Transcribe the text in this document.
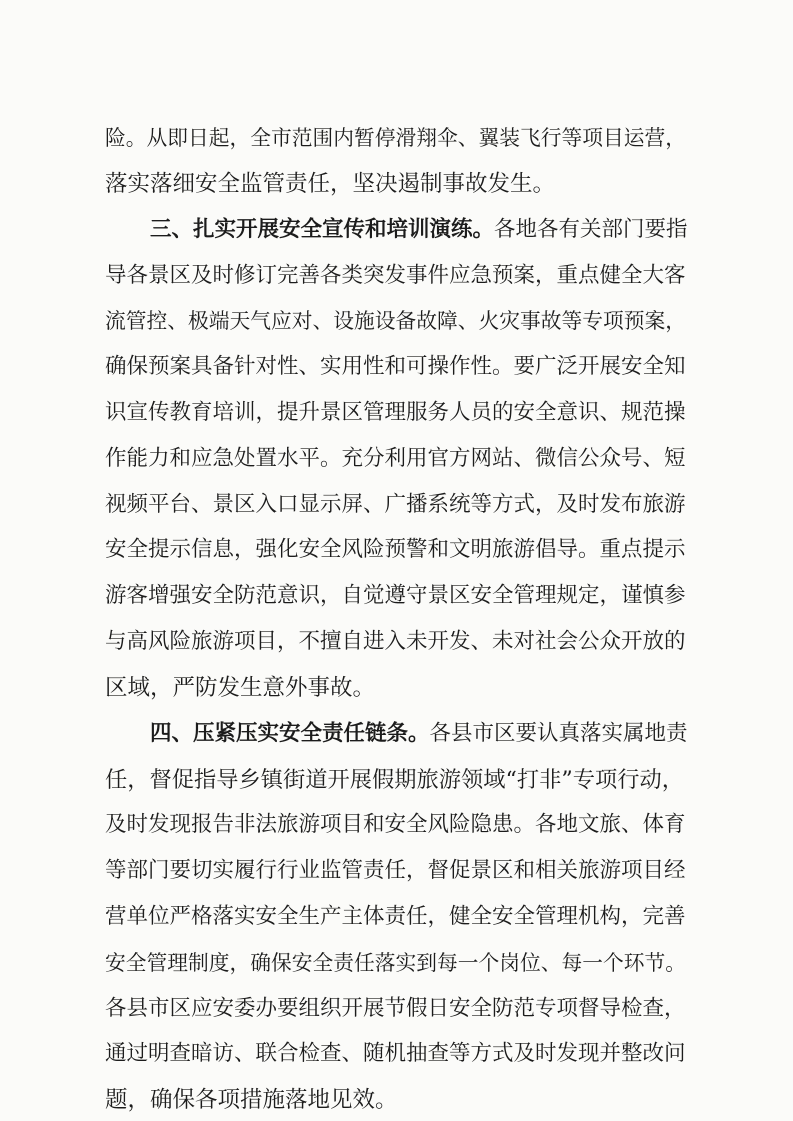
险。从即日起，全市范围内暂停滑翔伞、翼装飞行等项目运营，
落实落细安全监管责任，坚决遏制事故发生。
三、扎实开展安全宣传和培训演练。各地各有关部门要指
导各景区及时修订完善各类突发事件应急预案，重点健全大客
流管控、极端天气应对、设施设备故障、火灾事故等专项预案，
确保预案具备针对性、实用性和可操作性。要广泛开展安全知
识宣传教育培训，提升景区管理服务人员的安全意识、规范操
作能力和应急处置水平。充分利用官方网站、微信公众号、短
视频平台、景区入口显示屏、广播系统等方式，及时发布旅游
安全提示信息，强化安全风险预警和文明旅游倡导。重点提示
游客增强安全防范意识，自觉遵守景区安全管理规定，谨慎参
与高风险旅游项目，不擅自进入未开发、未对社会公众开放的
区域，严防发生意外事故。
四、压紧压实安全责任链条。各县市区要认真落实属地责
任，督促指导乡镇街道开展假期旅游领域“打非”专项行动，
及时发现报告非法旅游项目和安全风险隐患。各地文旅、体育
等部门要切实履行行业监管责任，督促景区和相关旅游项目经
营单位严格落实安全生产主体责任，健全安全管理机构，完善
安全管理制度，确保安全责任落实到每一个岗位、每一个环节。
各县市区应安委办要组织开展节假日安全防范专项督导检查，
通过明查暗访、联合检查、随机抽查等方式及时发现并整改问
题，确保各项措施落地见效。
